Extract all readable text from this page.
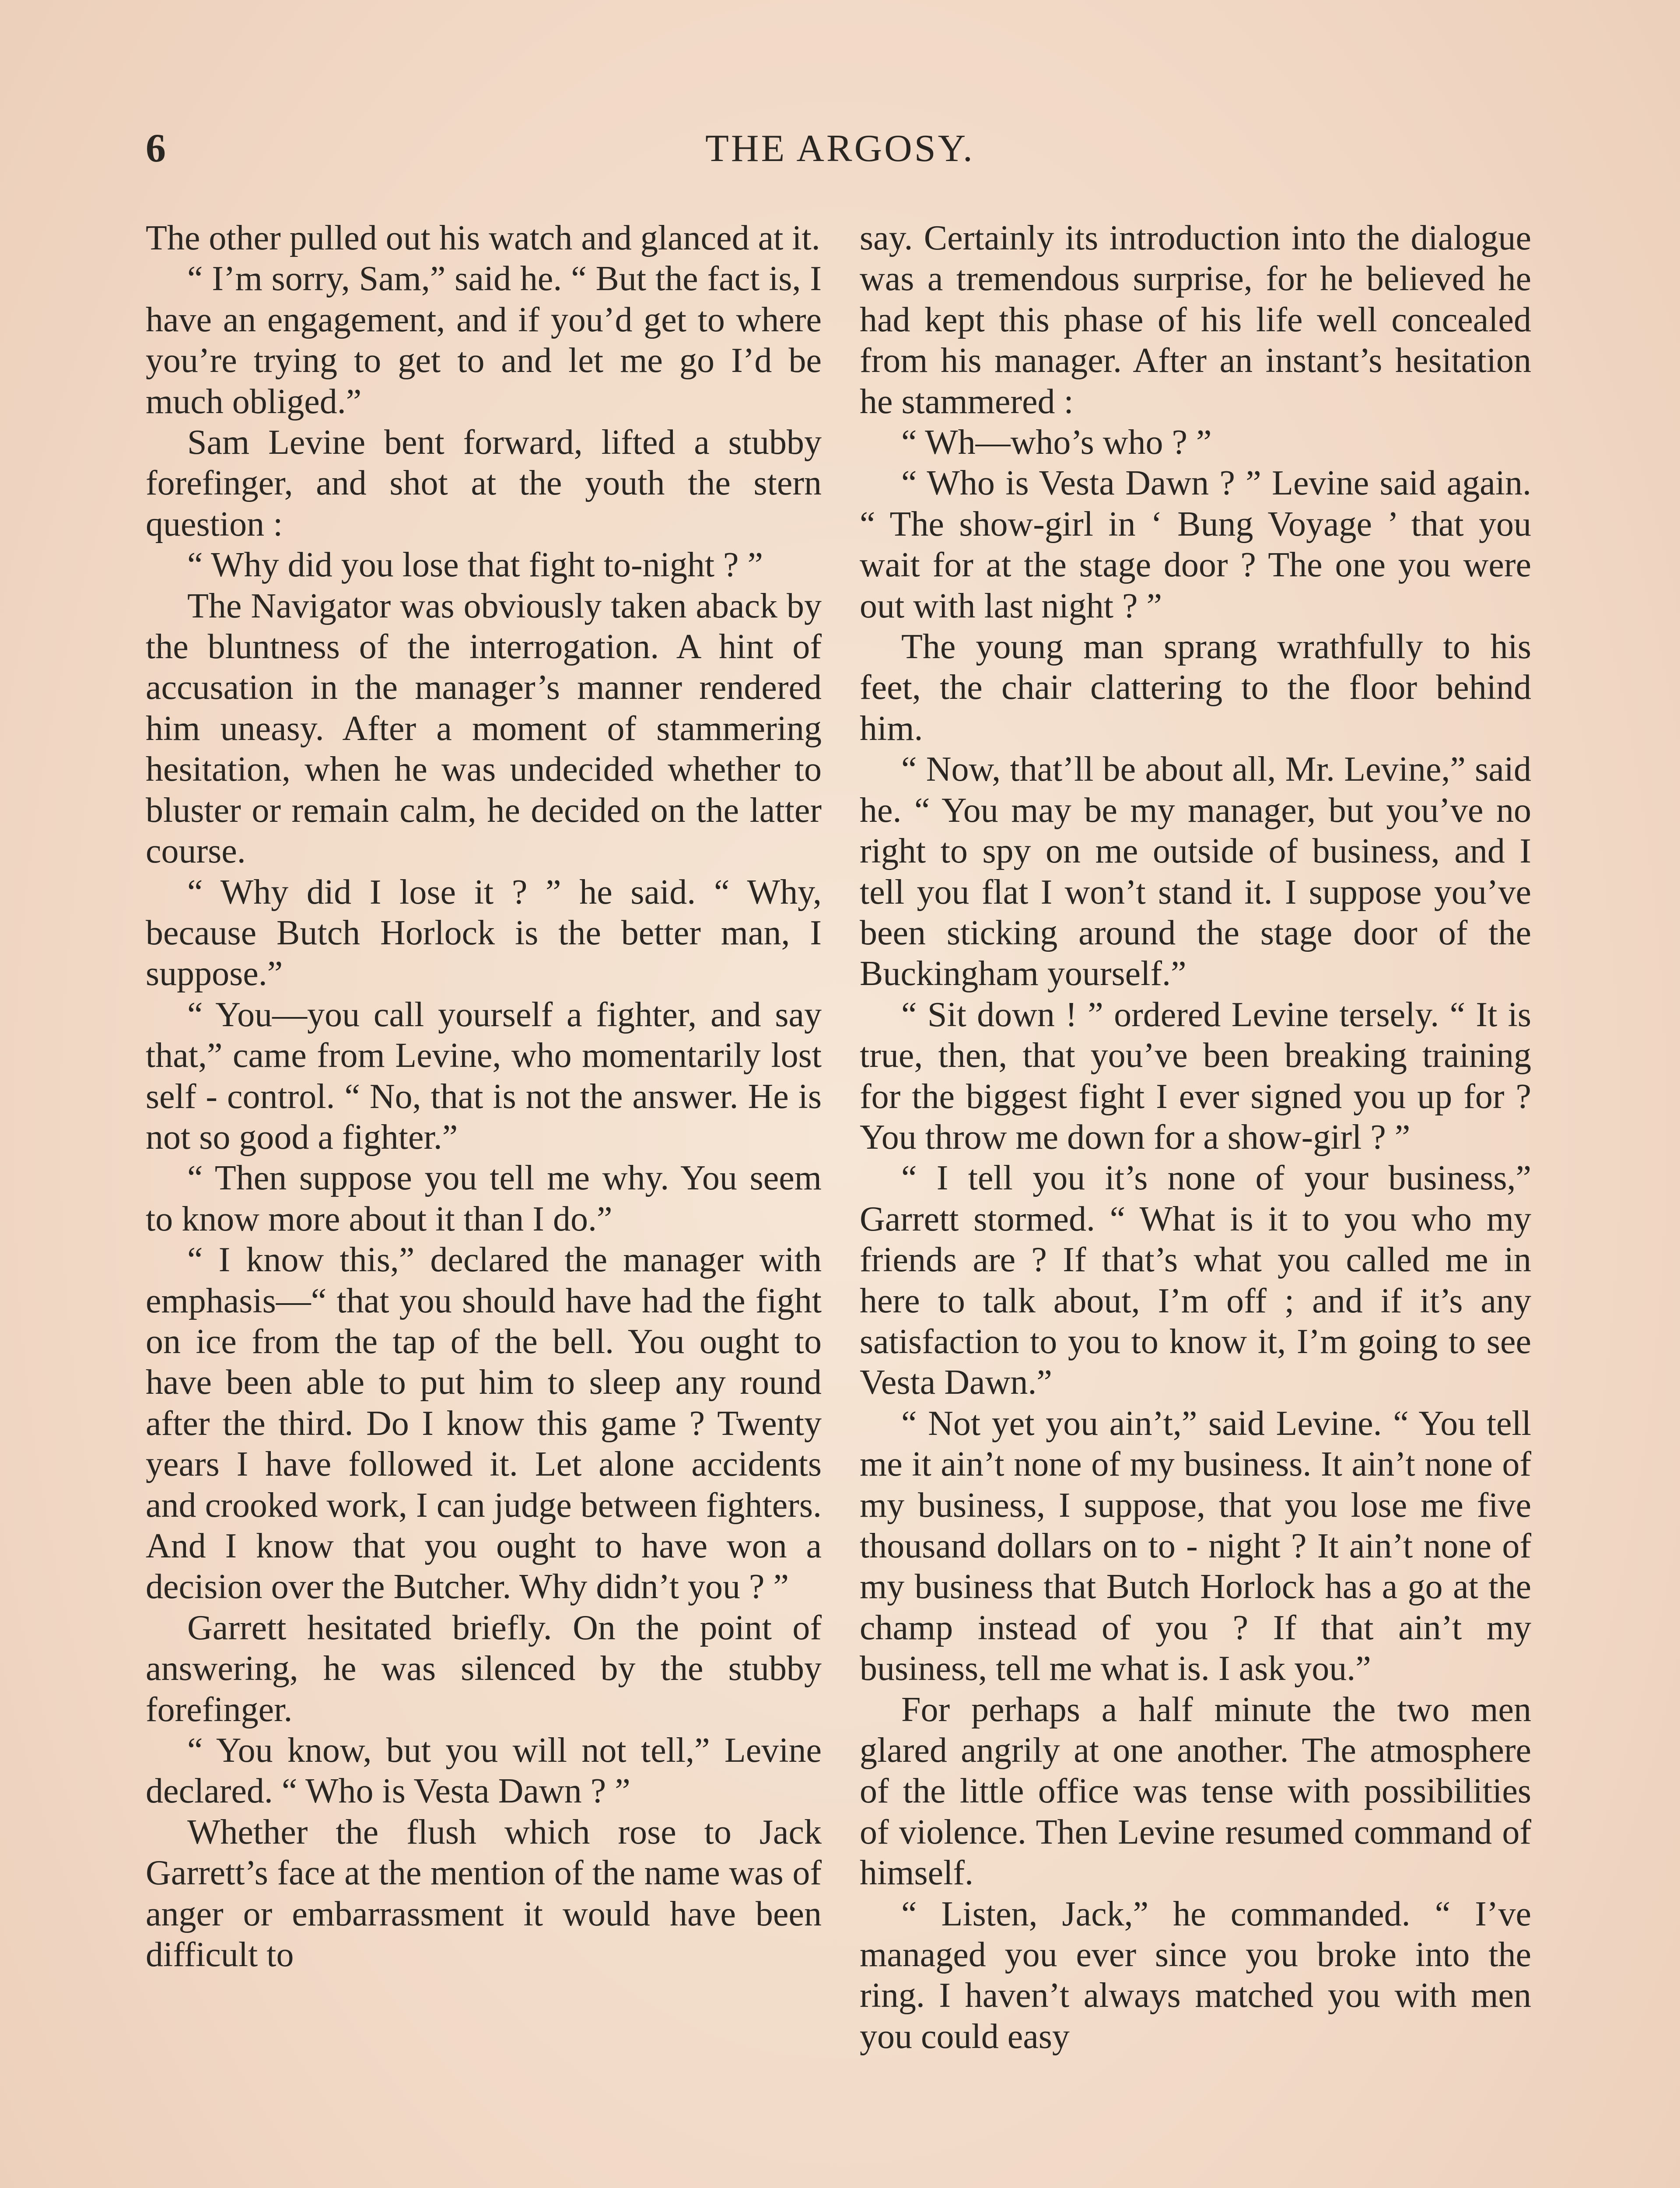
6	THE ARGOSY.

The other pulled out his watch and glanced at it.

“ I’m sorry, Sam,” said he. “ But the fact is, I have an engagement, and if you’d get to where you’re trying to get to and let me go I’d be much obliged.”

Sam Levine bent forward, lifted a stubby forefinger, and shot at the youth the stern question :

“ Why did you lose that fight to-night ? ”

The Navigator was obviously taken aback by the bluntness of the interrogation. A hint of accusation in the manager’s manner rendered him uneasy. After a moment of stammering hesitation, when he was undecided whether to bluster or remain calm, he decided on the latter course.

“ Why did I lose it ? ” he said. “ Why, because Butch Horlock is the better man, I suppose.”

“ You—you call yourself a fighter, and say that,” came from Levine, who momentarily lost self - control. “ No, that is not the answer. He is not so good a fighter.”

“ Then suppose you tell me why. You seem to know more about it than I do.”

“ I know this,” declared the manager with emphasis—“ that you should have had the fight on ice from the tap of the bell. You ought to have been able to put him to sleep any round after the third. Do I know this game ? Twenty years I have followed it. Let alone accidents and crooked work, I can judge between fighters. And I know that you ought to have won a decision over the Butcher. Why didn’t you ? ”

Garrett hesitated briefly. On the point of answering, he was silenced by the stubby forefinger.

“ You know, but you will not tell,” Levine declared. “ Who is Vesta Dawn ? ”

Whether the flush which rose to Jack Garrett’s face at the mention of the name was of anger or embarrassment it would have been difficult to

say. Certainly its introduction into the dialogue was a tremendous surprise, for he believed he had kept this phase of his life well concealed from his manager. After an instant’s hesitation he stammered :

“ Wh—who’s who ? ”

“ Who is Vesta Dawn ? ” Levine said again. “ The show-girl in ‘ Bung Voyage ’ that you wait for at the stage door ? The one you were out with last night ? ”

The young man sprang wrathfully to his feet, the chair clattering to the floor behind him.

“ Now, that’ll be about all, Mr. Levine,” said he. “ You may be my manager, but you’ve no right to spy on me outside of business, and I tell you flat I won’t stand it. I suppose you’ve been sticking around the stage door of the Buckingham yourself.”

“ Sit down ! ” ordered Levine tersely. “ It is true, then, that you’ve been breaking training for the biggest fight I ever signed you up for ? You throw me down for a show-girl ? ”

“ I tell you it’s none of your business,” Garrett stormed. “ What is it to you who my friends are ? If that’s what you called me in here to talk about, I’m off ; and if it’s any satisfaction to you to know it, I’m going to see Vesta Dawn.”

“ Not yet you ain’t,” said Levine. “ You tell me it ain’t none of my business. It ain’t none of my business, I suppose, that you lose me five thousand dollars on to - night ? It ain’t none of my business that Butch Horlock has a go at the champ instead of you ? If that ain’t my business, tell me what is. I ask you.”

For perhaps a half minute the two men glared angrily at one another. The atmosphere of the little office was tense with possibilities of violence. Then Levine resumed command of himself.

“ Listen, Jack,” he commanded. “ I’ve managed you ever since you broke into the ring. I haven’t always matched you with men you could easy
